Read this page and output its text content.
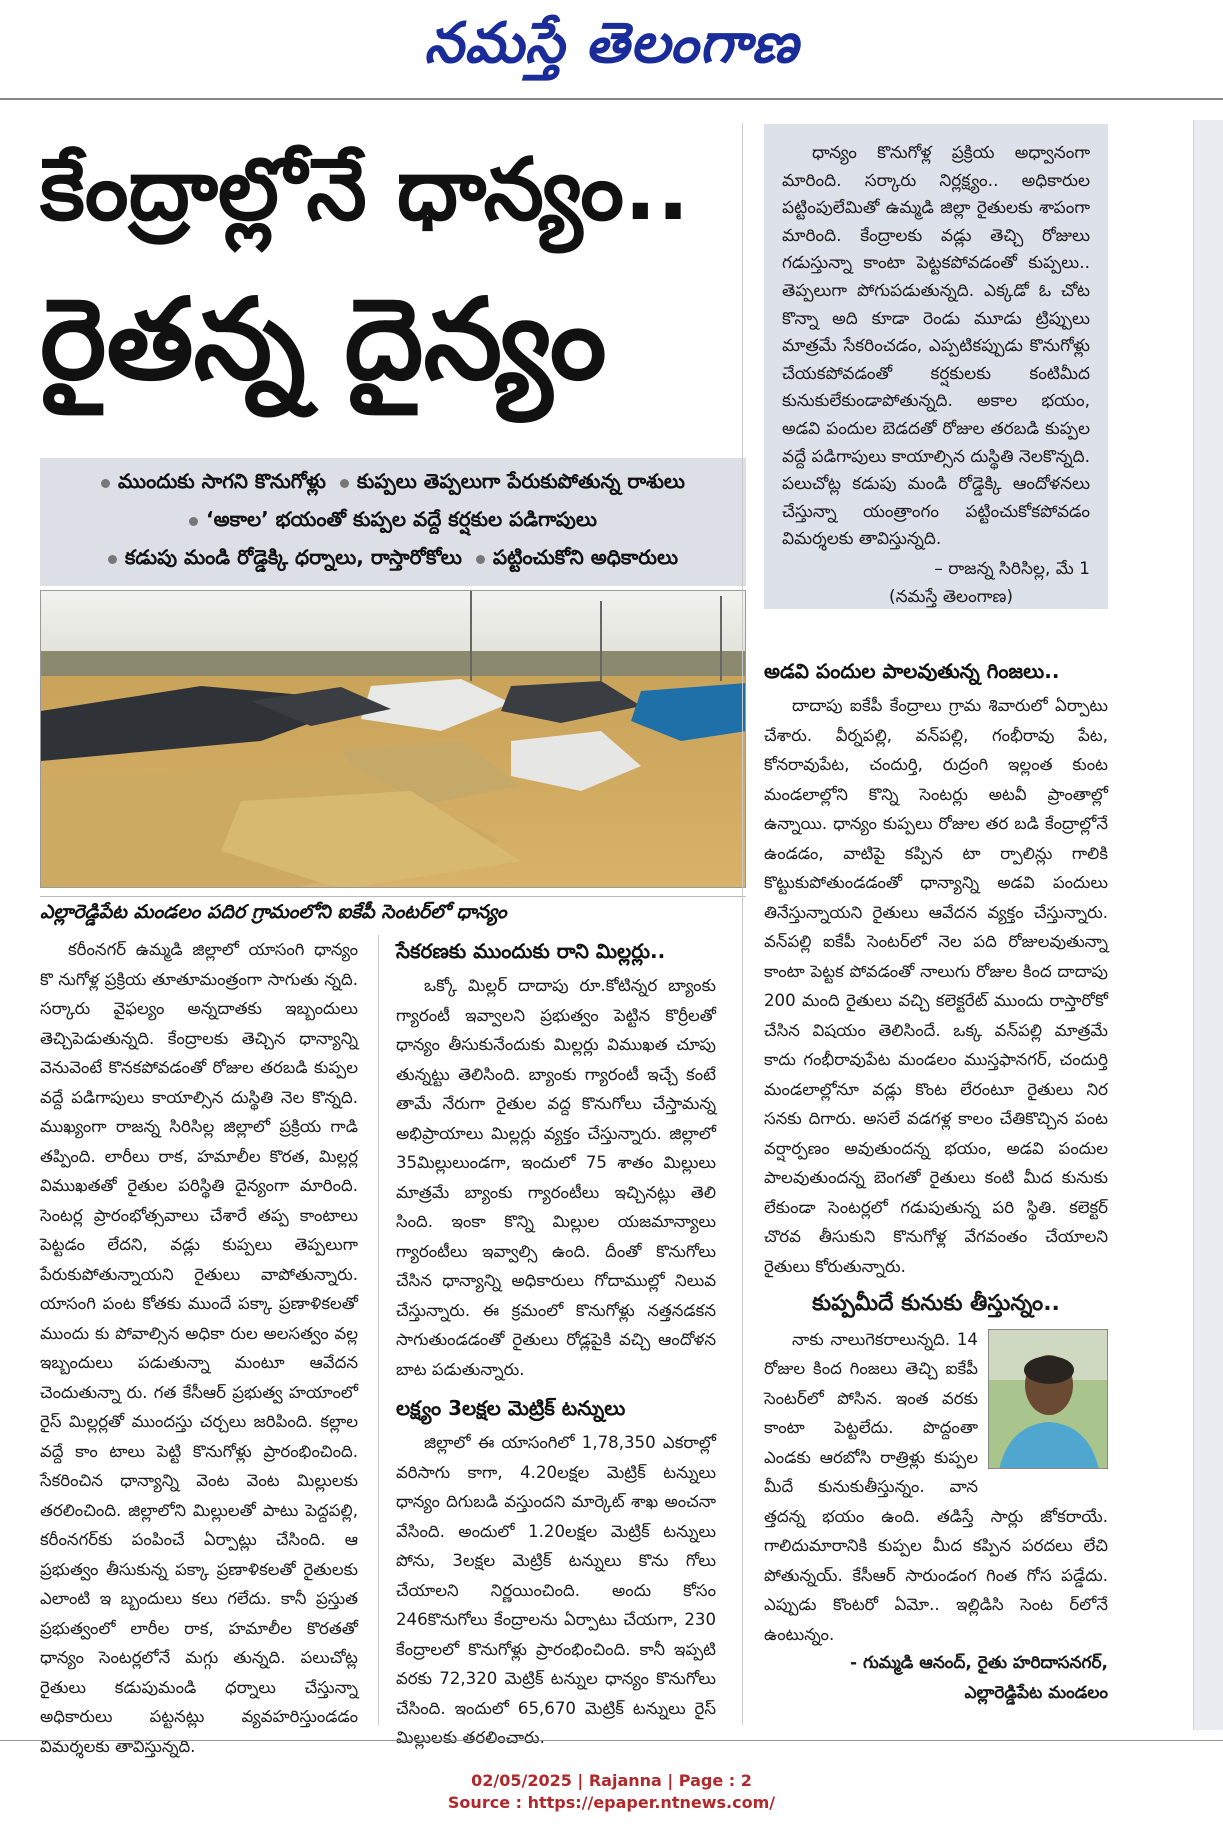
నమస్తే తెలంగాణ
కేంద్రాల్లోనే ధాన్యం..
రైతన్న దైన్యం
ముందుకు సాగని కొనుగోళ్లు కుప్పలు తెప్పలుగా పేరుకుపోతున్న రాశులు
‘అకాల’ భయంతో కుప్పల వద్దే కర్షకుల పడిగాపులు
కడుపు మండి రోడ్డెక్కి ధర్నాలు, రాస్తారోకోలు పట్టించుకోని అధికారులు
ఎల్లారెడ్డిపేట మండలం పదిర గ్రామంలోని ఐకేపీ సెంటర్‌లో ధాన్యం

ధాన్యం కొనుగోళ్ల ప్రక్రియ అధ్వానంగా మారింది. సర్కారు నిర్లక్ష్యం.. అధికారుల పట్టింపులేమితో ఉమ్మడి జిల్లా రైతులకు శాపంగా మారింది. కేంద్రాలకు వడ్లు తెచ్చి రోజులు గడుస్తున్నా కాంటా పెట్టకపోవడంతో కుప్పలు.. తెప్పలుగా పోగుపడుతున్నది. ఎక్కడో ఓ చోట కొన్నా అది కూడా రెండు మూడు ట్రిప్పులు మాత్రమే సేకరించడం, ఎప్పటికప్పుడు కొనుగోళ్లు చేయకపోవడంతో కర్షకులకు కంటిమీద కునుకులేకుండాపోతున్నది. అకాల భయం, అడవి పందుల బెడదతో రోజుల తరబడి కుప్పల వద్దే పడిగాపులు కాయాల్సిన దుస్థితి నెలకొన్నది. పలుచోట్ల కడుపు మండి రోడ్డెక్కి ఆందోళనలు చేస్తున్నా యంత్రాంగం పట్టించుకోకపోవడం విమర్శలకు తావిస్తున్నది.

– రాజన్న సిరిసిల్ల, మే 1

(నమస్తే తెలంగాణ)

కరీంనగర్ ఉమ్మడి జిల్లాలో యాసంగి ధాన్యం కొ నుగోళ్ల ప్రక్రియ తూతూమంత్రంగా సాగుతు న్నది. సర్కారు వైఫల్యం అన్నదాతకు ఇబ్బందులు తెచ్చిపెడుతున్నది. కేంద్రాలకు తెచ్చిన ధాన్యాన్ని వెనువెంటే కొనకపోవడంతో రోజుల తరబడి కుప్పల వద్దే పడిగాపులు కాయాల్సిన దుస్థితి నెల కొన్నది. ముఖ్యంగా రాజన్న సిరిసిల్ల జిల్లాలో ప్రక్రియ గాడి తప్పింది. లారీలు రాక, హమాలీల కొరత, మిల్లర్ల విముఖతతో రైతుల పరిస్థితి దైన్యంగా మారింది. సెంటర్ల ప్రారంభోత్సవాలు చేశారే తప్ప కాంటాలు పెట్టడం లేదని, వడ్లు కుప్పలు తెప్పలుగా పేరుకుపోతున్నాయని రైతులు వాపోతున్నారు. యాసంగి పంట కోతకు ముందే పక్కా ప్రణాళికలతో ముందు కు పోవాల్సిన అధికా రుల అలసత్వం వల్ల ఇబ్బందులు పడుతున్నా మంటూ ఆవేదన చెందుతున్నా రు. గత కేసీఆర్ ప్రభుత్వ హయాంలో రైస్ మిల్లర్లతో ముందస్తు చర్చలు జరిపింది. కల్లాల వద్దే కాం టాలు పెట్టి కొనుగోళ్లు ప్రారంభించింది. సేకరించిన ధాన్యాన్ని వెంట వెంట మిల్లులకు తరలించింది. జిల్లాలోని మిల్లులతో పాటు పెద్దపల్లి, కరీంనగర్‌కు పంపించే ఏర్పాట్లు చేసింది. ఆ ప్రభుత్వం తీసుకున్న పక్కా ప్రణాళికలతో రైతులకు ఎలాంటి ఇ బ్బందులు కలు గలేదు. కానీ ప్రస్తుత ప్రభుత్వంలో లారీల రాక, హమాలీల కొరతతో ధాన్యం సెంటర్లలోనే మగ్గు తున్నది. పలుచోట్ల రైతులు కడుపుమండి ధర్నాలు చేస్తున్నా అధికారులు పట్టనట్లు వ్యవహరిస్తుండడం విమర్శలకు తావిస్తున్నది.

సేకరణకు ముందుకు రాని మిల్లర్లు..

ఒక్కో మిల్లర్ దాదాపు రూ.కోటిన్నర బ్యాంకు గ్యారంటీ ఇవ్వాలని ప్రభుత్వం పెట్టిన కొర్రీలతో ధాన్యం తీసుకునేందుకు మిల్లర్లు విముఖత చూపు తున్నట్టు తెలిసింది. బ్యాంకు గ్యారంటీ ఇచ్చే కంటే తామే నేరుగా రైతుల వద్ద కొనుగోలు చేస్తామన్న అభిప్రాయాలు మిల్లర్లు వ్యక్తం చేస్తున్నారు. జిల్లాలో 35మిల్లులుండగా, ఇందులో 75 శాతం మిల్లులు మాత్రమే బ్యాంకు గ్యారంటీలు ఇచ్చినట్లు తెలి సింది. ఇంకా కొన్ని మిల్లుల యజమాన్యాలు గ్యారంటీలు ఇవ్వాల్సి ఉంది. దీంతో కొనుగోలు చేసిన ధాన్యాన్ని అధికారులు గోదాముల్లో నిలువ చేస్తున్నారు. ఈ క్రమంలో కొనుగోళ్లు నత్తనడకన సాగుతుండడంతో రైతులు రోడ్లపైకి వచ్చి ఆందోళన బాట పడుతున్నారు.

లక్ష్యం 3లక్షల మెట్రిక్ టన్నులు

జిల్లాలో ఈ యాసంగిలో 1,78,350 ఎకరాల్లో వరిసాగు కాగా, 4.20లక్షల మెట్రిక్ టన్నులు ధాన్యం దిగుబడి వస్తుందని మార్కెట్ శాఖ అంచనా వేసింది. అందులో 1.20లక్షల మెట్రిక్ టన్నులు పోను, 3లక్షల మెట్రిక్ టన్నులు కొను గోలు చేయాలని నిర్ణయించింది. అందు కోసం 246కొనుగోలు కేంద్రాలను ఏర్పాటు చేయగా, 230 కేంద్రాలలో కొనుగోళ్లు ప్రారంభించింది. కానీ ఇప్పటి వరకు 72,320 మెట్రిక్ టన్నుల ధాన్యం కొనుగోలు చేసింది. ఇందులో 65,670 మెట్రిక్ టన్నులు రైస్ మిల్లులకు తరలించారు.

అడవి పందుల పాలవుతున్న గింజలు..

దాదాపు ఐకేపీ కేంద్రాలు గ్రామ శివారులో ఏర్పాటు చేశారు. వీర్నపల్లి, వన్‌పల్లి, గంభీరావు పేట, కోనరావుపేట, చందుర్తి, రుద్రంగి ఇల్లంత కుంట మండలాల్లోని కొన్ని సెంటర్లు అటవీ ప్రాంతాల్లో ఉన్నాయి. ధాన్యం కుప్పలు రోజుల తర బడి కేంద్రాల్లోనే ఉండడం, వాటిపై కప్పిన టా ర్పాలిన్లు గాలికి కొట్టుకుపోతుండడంతో ధాన్యాన్ని అడవి పందులు తినేస్తున్నాయని రైతులు ఆవేదన వ్యక్తం చేస్తున్నారు. వన్‌పల్లి ఐకేపీ సెంటర్‌లో నెల పది రోజులవుతున్నా కాంటా పెట్టక పోవడంతో నాలుగు రోజుల కింద దాదాపు 200 మంది రైతులు వచ్చి కలెక్టరేట్ ముందు రాస్తారోకో చేసిన విషయం తెలిసిందే. ఒక్క వన్‌పల్లి మాత్రమే కాదు గంభీరావుపేట మండలం ముస్తఫానగర్, చందుర్తి మండలాల్లోనూ వడ్లు కొంట లేరంటూ రైతులు నిర సనకు దిగారు. అసలే వడగళ్ల కాలం చేతికొచ్చిన పంట వర్షార్పణం అవుతుందన్న భయం, అడవి పందుల పాలవుతుందన్న బెంగతో రైతులు కంటి మీద కునుకు లేకుండా సెంటర్లలో గడుపుతున్న పరి స్థితి. కలెక్టర్ చొరవ తీసుకుని కొనుగోళ్ల వేగవంతం చేయాలని రైతులు కోరుతున్నారు.

కుప్పమీదే కునుకు తీస్తున్నం..

నాకు నాలుగెకరాలున్నది. 14 రోజుల కింద గింజలు తెచ్చి ఐకేపీ సెంటర్‌లో పోసిన. ఇంత వరకు కాంటా పెట్టలేదు. పొద్దంతా ఎండకు ఆరబోసి రాత్రిళ్లు కుప్పల మీదే కునుకుతీస్తున్నం. వాన త్తదన్న భయం ఉంది. తడిస్తే సార్లు జోకరాయే. గాలిదుమారానికి కుప్పల మీద కప్పిన పరదలు లేచి పోతున్నయ్. కేసీఆర్ సారుండంగ గింత గోస పడ్డేదు. ఎప్పుడు కొంటరో ఏమో.. ఇల్లిడిసి సెంట ర్‌లోనే ఉంటున్నం.

- గుమ్మడి ఆనంద్, రైతు హరిదాసనగర్,

ఎల్లారెడ్డిపేట మండలం

02/05/2025 | Rajanna | Page : 2
Source : https://epaper.ntnews.com/
